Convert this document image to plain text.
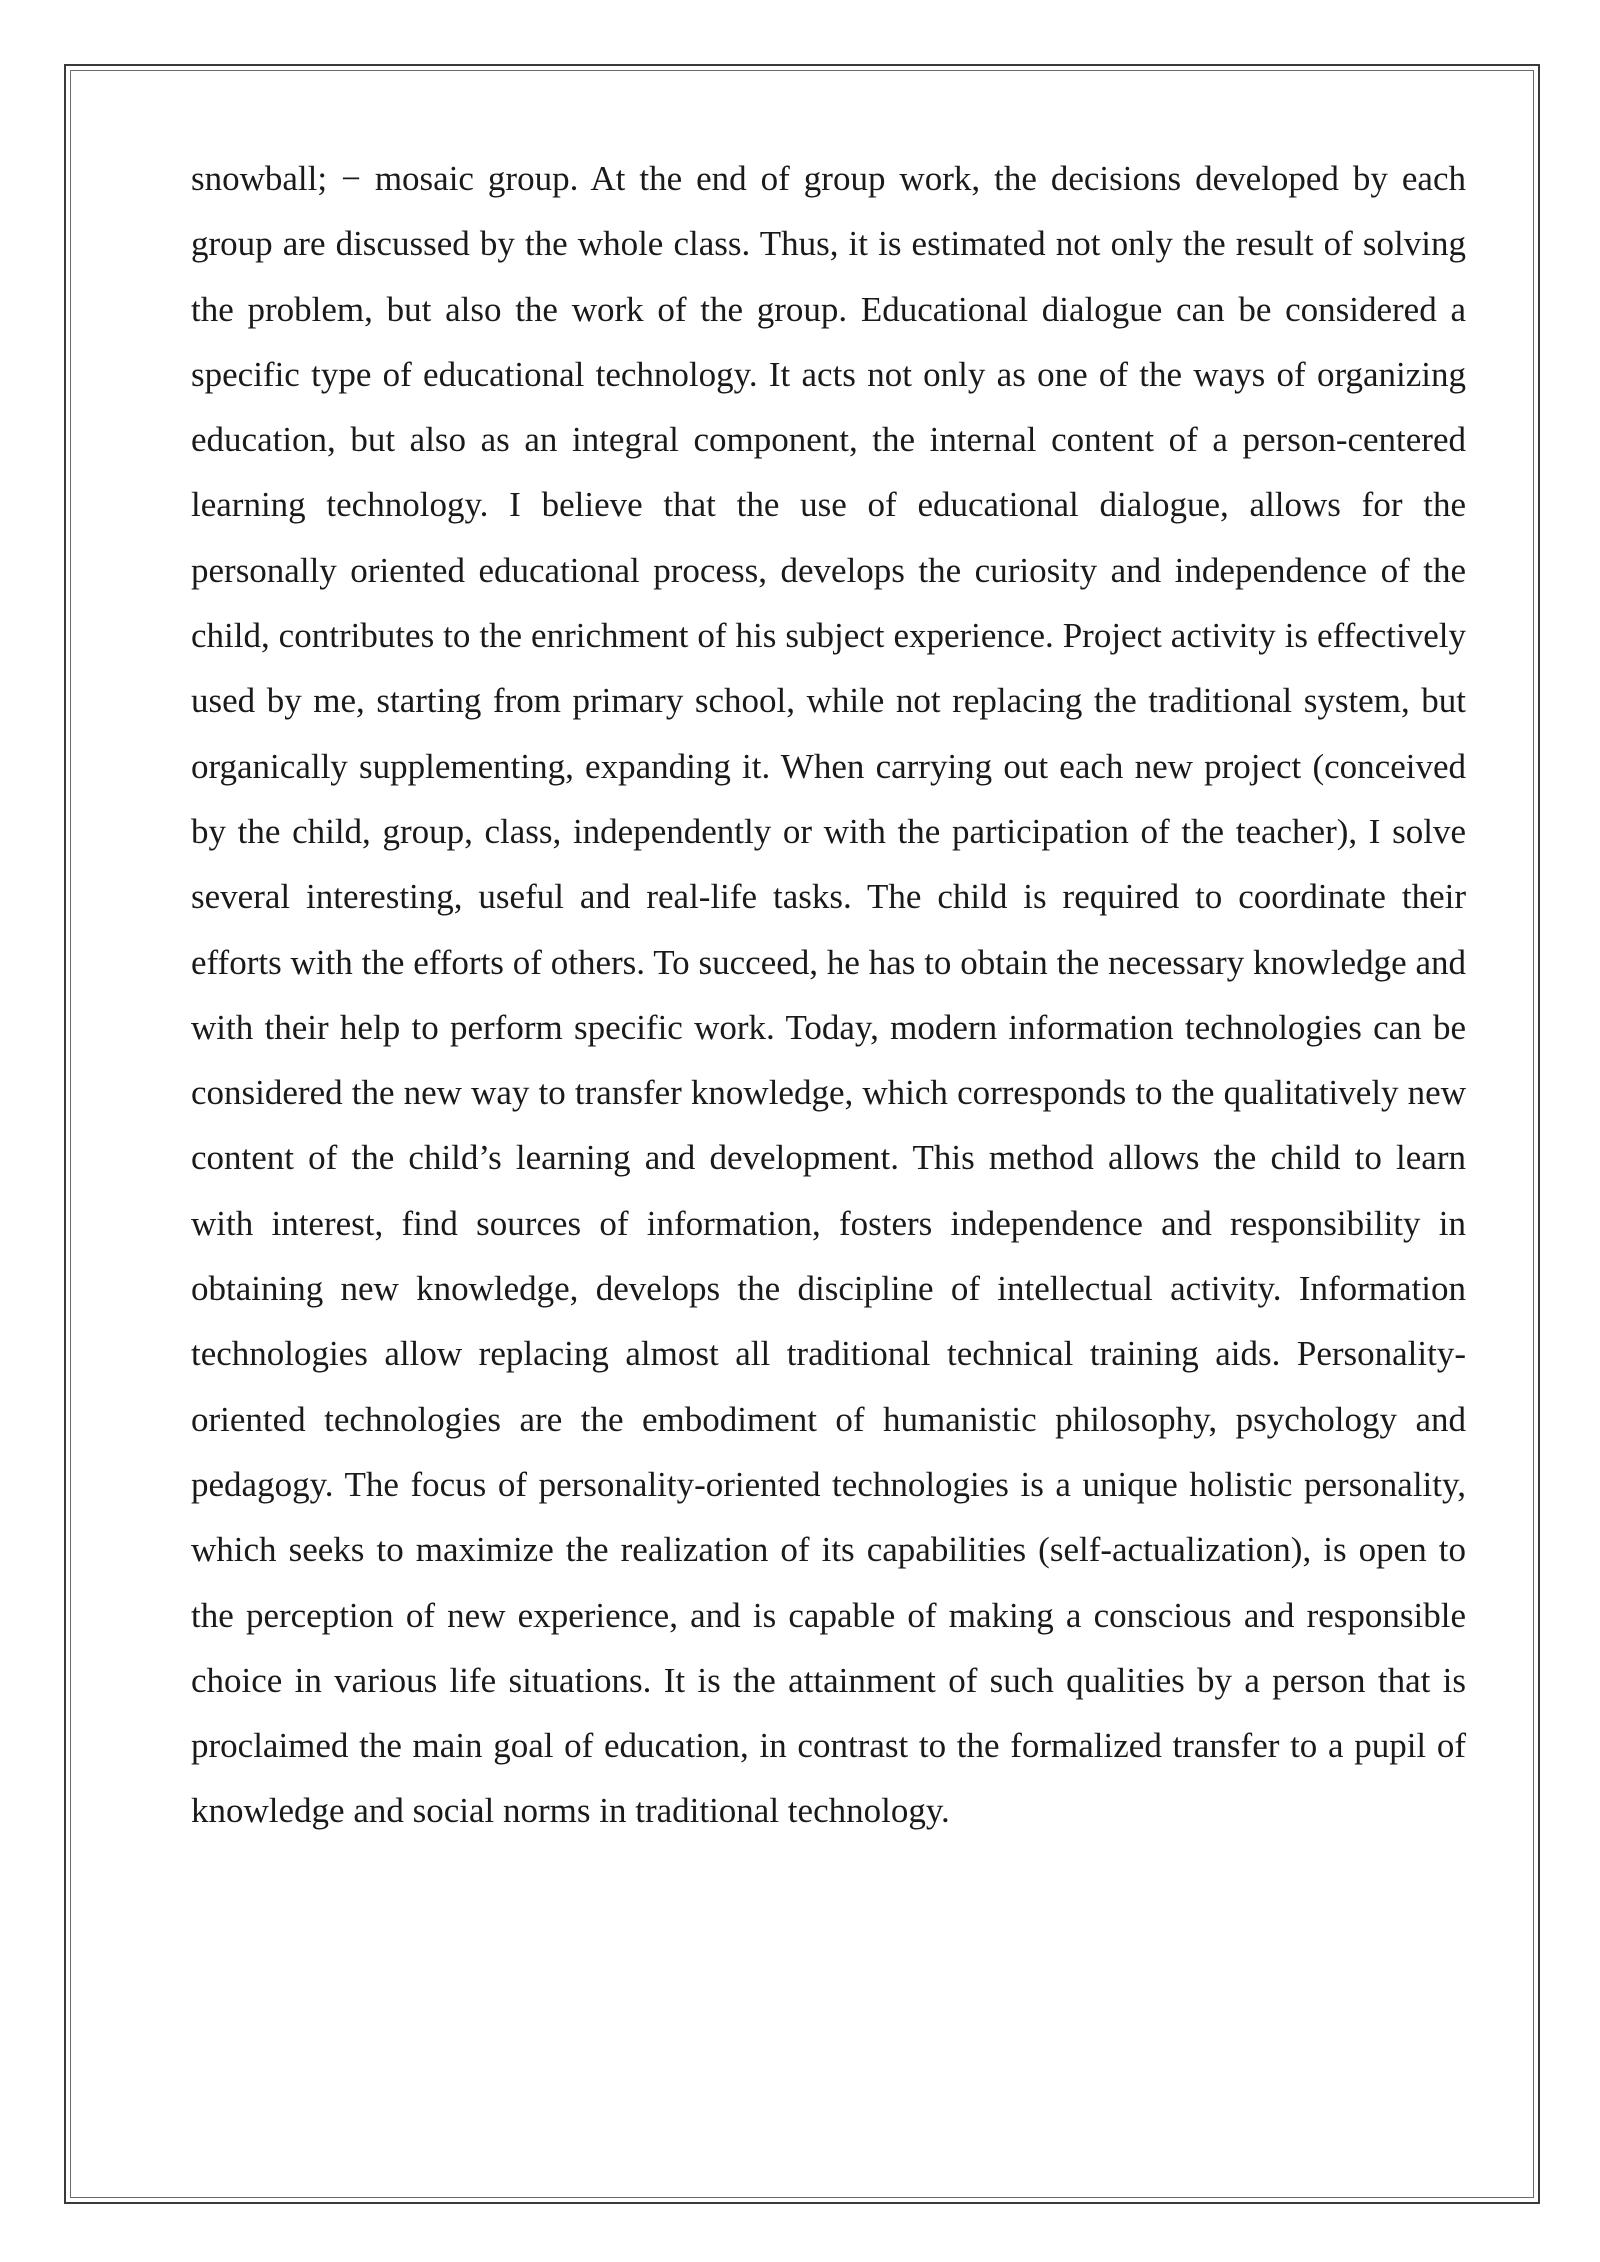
snowball; − mosaic group. At the end of group work, the decisions developed by each group are discussed by the whole class. Thus, it is estimated not only the result of solving the problem, but also the work of the group. Educational dialogue can be considered a specific type of educational technology. It acts not only as one of the ways of organizing education, but also as an integral component, the internal content of a person-centered learning technology. I believe that the use of educational dialogue, allows for the personally oriented educational process, develops the curiosity and independence of the child, contributes to the enrichment of his subject experience. Project activity is effectively used by me, starting from primary school, while not replacing the traditional system, but organically supplementing, expanding it. When carrying out each new project (conceived by the child, group, class, independently or with the participation of the teacher), I solve several interesting, useful and real-life tasks. The child is required to coordinate their efforts with the efforts of others. To succeed, he has to obtain the necessary knowledge and with their help to perform specific work. Today, modern information technologies can be considered the new way to transfer knowledge, which corresponds to the qualitatively new content of the child’s learning and development. This method allows the child to learn with interest, find sources of information, fosters independence and responsibility in obtaining new knowledge, develops the discipline of intellectual activity. Information technologies allow replacing almost all traditional technical training aids. Personality-oriented technologies are the embodiment of humanistic philosophy, psychology and pedagogy. The focus of personality-oriented technologies is a unique holistic personality, which seeks to maximize the realization of its capabilities (self-actualization), is open to the perception of new experience, and is capable of making a conscious and responsible choice in various life situations. It is the attainment of such qualities by a person that is proclaimed the main goal of education, in contrast to the formalized transfer to a pupil of knowledge and social norms in traditional technology.
